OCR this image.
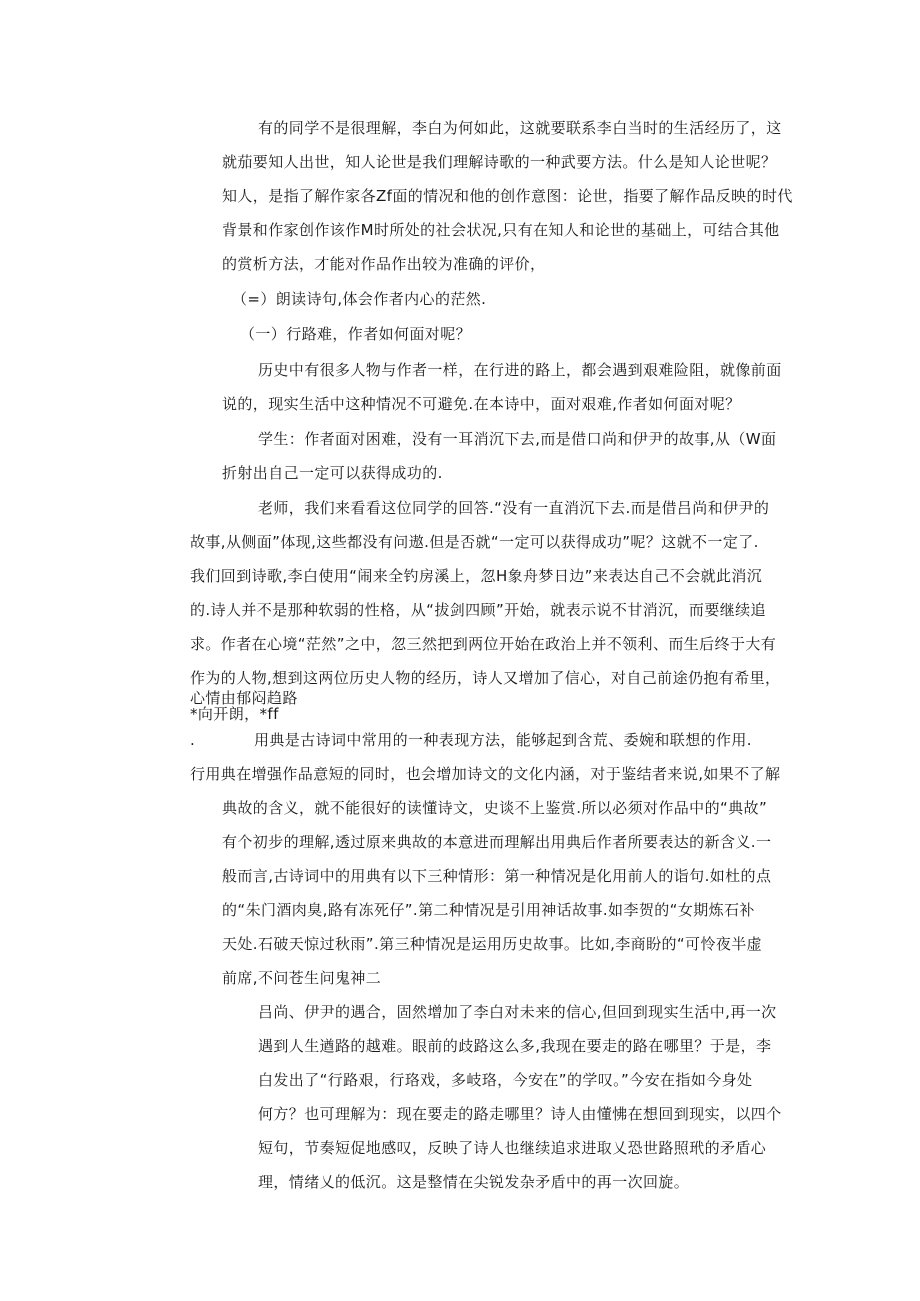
有的同学不是很理解，李白为何如此，这就要联系李白当时的生活经历了，这
就茄要知人出世，知人论世是我们理解诗歌的一种武要方法。什么是知人论世呢？
知人，是指了解作家各Zf面的情况和他的创作意图：论世，指要了解作品反映的时代
背景和作家创作该作M时所处的社会状况,只有在知人和论世的基础上，可结合其他
的赏析方法，才能对作品作出较为准确的评价，
（=）朗读诗句,体会作者内心的茫然.
（一）行路难，作者如何面对呢？
历史中有很多人物与作者一样，在行进的路上，都会遇到艰难险阻，就像前面
说的，现实生活中这种情况不可避免.在本诗中，面对艰难,作者如何面对呢？
学生：作者面对困难，没有一耳消沉下去,而是借口尚和伊尹的故事,从（W面
折射出自己一定可以获得成功的.
老师，我们来看看这位同学的回答.“没有一直消沉下去.而是借吕尚和伊尹的
故事,从侧面”体现,这些都没有问遨.但是否就“一定可以获得成功”呢？这就不一定了.
我们回到诗歌,李白使用“闹来全钓房溪上，忽H象舟梦日边”来表达自己不会就此消沉
的.诗人并不是那种软弱的性格，从“拔剑四顾”开始，就表示说不甘消沉，而要继续追
求。作者在心境“茫然”之中，忽三然把到两位开始在政治上并不领利、而生后终于大有
作为的人物,想到这两位历史人物的经历，诗人又增加了信心，对自己前途仍抱有希里，
心情由郁闷趋路
*向开朗，*ff
.	用典是古诗词中常用的一种表现方法，能够起到含荒、委婉和联想的作用.
行用典在增强作品意短的同时，也会增加诗文的文化内涵，对于鉴结者来说,如果不了解
典故的含义，就不能很好的读懂诗文，史谈不上鉴赏.所以必须对作品中的“典故”
有个初步的理解,透过原来典故的本意进而理解出用典后作者所要表达的新含义.一
般而言,古诗词中的用典有以下三种情形：第一种情况是化用前人的诣句.如杜的点
的“朱门酒肉臭,路有冻死仔”.第二种情况是引用神话故事.如李贺的“女期炼石补
天处.石破天惊过秋雨”.第三种情况是运用历史故事。比如,李商盼的“可怜夜半虚
前席,不问苍生问鬼神二
吕尚、伊尹的遇合，固然增加了李白对未来的信心,但回到现实生活中,再一次
遇到人生遒路的越难。眼前的歧路这么多,我现在要走的路在哪里？于是，李
白发出了“行路艰，行珞戏，多岐珞，今安在”的学叹。”今安在指如今身处
何方？也可理解为：现在要走的路走哪里？诗人由懂怫在想回到现实，以四个
短句，节奏短促地感叹，反映了诗人也继续追求进取乂恐世路照玳的矛盾心
理，情绪乂的低沉。这是整情在尖锐发杂矛盾中的再一次回旋。
